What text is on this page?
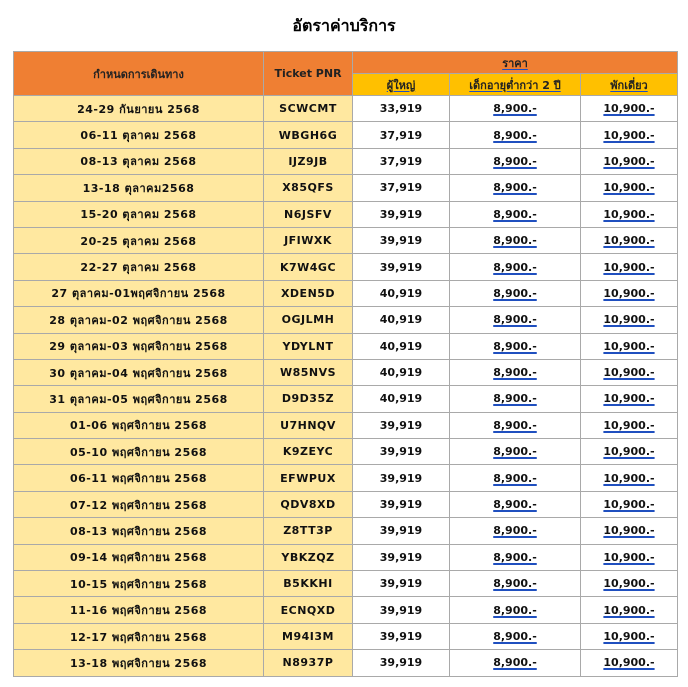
อัตราค่าบริการ
กำหนดการเดินทาง	Ticket PNR	ราคา		
		ผู้ใหญ่	เด็กอายุต่ำกว่า 2 ปี	พักเดี่ยว
24-29 กันยายน 2568	SCWCMT	33,919	8,900.-	10,900.-
06-11 ตุลาคม 2568	WBGH6G	37,919	8,900.-	10,900.-
08-13 ตุลาคม 2568	IJZ9JB	37,919	8,900.-	10,900.-
13-18 ตุลาคม2568	X85QFS	37,919	8,900.-	10,900.-
15-20 ตุลาคม 2568	N6JSFV	39,919	8,900.-	10,900.-
20-25 ตุลาคม 2568	JFIWXK	39,919	8,900.-	10,900.-
22-27 ตุลาคม 2568	K7W4GC	39,919	8,900.-	10,900.-
27 ตุลาคม-01พฤศจิกายน 2568	XDEN5D	40,919	8,900.-	10,900.-
28 ตุลาคม-02 พฤศจิกายน 2568	OGJLMH	40,919	8,900.-	10,900.-
29 ตุลาคม-03 พฤศจิกายน 2568	YDYLNT	40,919	8,900.-	10,900.-
30 ตุลาคม-04 พฤศจิกายน 2568	W85NVS	40,919	8,900.-	10,900.-
31 ตุลาคม-05 พฤศจิกายน 2568	D9D35Z	40,919	8,900.-	10,900.-
01-06 พฤศจิกายน 2568	U7HNQV	39,919	8,900.-	10,900.-
05-10 พฤศจิกายน 2568	K9ZEYC	39,919	8,900.-	10,900.-
06-11 พฤศจิกายน 2568	EFWPUX	39,919	8,900.-	10,900.-
07-12 พฤศจิกายน 2568	QDV8XD	39,919	8,900.-	10,900.-
08-13 พฤศจิกายน 2568	Z8TT3P	39,919	8,900.-	10,900.-
09-14 พฤศจิกายน 2568	YBKZQZ	39,919	8,900.-	10,900.-
10-15 พฤศจิกายน 2568	B5KKHI	39,919	8,900.-	10,900.-
11-16 พฤศจิกายน 2568	ECNQXD	39,919	8,900.-	10,900.-
12-17 พฤศจิกายน 2568	M94I3M	39,919	8,900.-	10,900.-
13-18 พฤศจิกายน 2568	N8937P	39,919	8,900.-	10,900.-
